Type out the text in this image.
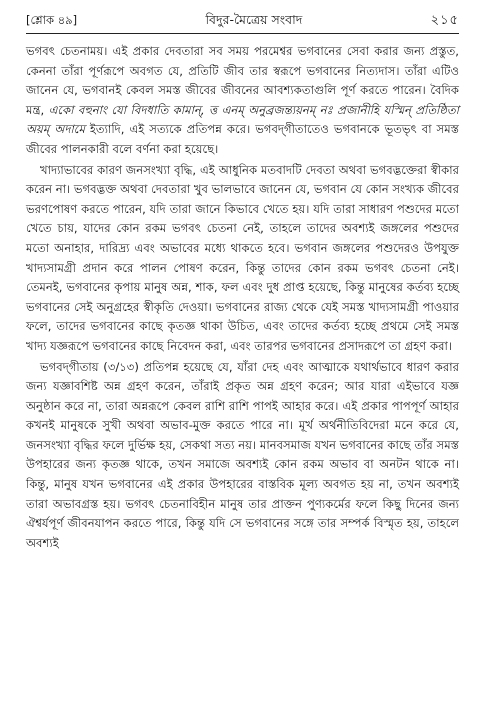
[শ্লোক ৪৯]	বিদুর-মৈত্রেয় সংবাদ	২১৫

ভগবৎ চেতনাময়। এই প্রকার দেবতারা সব সময় পরমেশ্বর ভগবানের সেবা করার জন্য প্রস্তুত, কেননা তাঁরা পূর্ণরূপে অবগত যে, প্রতিটি জীব তার স্বরূপে ভগবানের নিত্যদাস। তাঁরা এটিও জানেন যে, ভগবানই কেবল সমস্ত জীবের জীবনের আবশ্যকতাগুলি পূর্ণ করতে পারেন। বৈদিক মন্ত্র, একো বহুনাং যো বিদধাতি কামান্‌, ত্ত এনম্‌ অনুব্রজন্ত্যয়নম্‌ নঃ প্রজানীহি যস্মিন্‌ প্রতিষ্ঠিতা অয়ম্‌ অদামে ইত্যাদি, এই সত্যকে প্রতিপন্ন করে। ভগবদ্‌গীতাতেও ভগবানকে ভূতভৃৎ বা সমস্ত জীবের পালনকারী বলে বর্ণনা করা হয়েছে।

খাদ্যাভাবের কারণ জনসংখ্যা বৃদ্ধি, এই আধুনিক মতবাদটি দেবতা অথবা ভগবদ্ভক্তেরা স্বীকার করেন না। ভগবদ্ভক্ত অথবা দেবতারা খুব ভালভাবে জানেন যে, ভগবান যে কোন সংখ্যক জীবের ভরণপোষণ করতে পারেন, যদি তারা জানে কিভাবে খেতে হয়। যদি তারা সাধারণ পশুদের মতো খেতে চায়, যাদের কোন রকম ভগবৎ চেতনা নেই, তাহলে তাদের অবশ্যই জঙ্গলের পশুদের মতো অনাহার, দারিদ্র্য এবং অভাবের মধ্যে থাকতে হবে। ভগবান জঙ্গলের পশুদেরও উপযুক্ত খাদ্যসামগ্রী প্রদান করে পালন পোষণ করেন, কিন্তু তাদের কোন রকম ভগবৎ চেতনা নেই। তেমনই, ভগবানের কৃপায় মানুষ অন্ন, শাক, ফল এবং দুধ প্রাপ্ত হয়েছে, কিন্তু মানুষের কর্তব্য হচ্ছে ভগবানের সেই অনুগ্রহের স্বীকৃতি দেওয়া। ভগবানের রাজ্য থেকে যেই সমস্ত খাদ্যসামগ্রী পাওয়ার ফলে, তাদের ভগবানের কাছে কৃতজ্ঞ থাকা উচিত, এবং তাদের কর্তব্য হচ্ছে প্রথমে সেই সমস্ত খাদ্য যজ্ঞরূপে ভগবানের কাছে নিবেদন করা, এবং তারপর ভগবানের প্রসাদরূপে তা গ্রহণ করা।

ভগবদ্‌গীতায় (৩/১৩) প্রতিপন্ন হয়েছে যে, যাঁরা দেহ এবং আত্মাকে যথার্থভাবে ধারণ করার জন্য যজ্ঞাবশিষ্ট অন্ন গ্রহণ করেন, তাঁরাই প্রকৃত অন্ন গ্রহণ করেন; আর যারা এইভাবে যজ্ঞ অনুষ্ঠান করে না, তারা অন্নরূপে কেবল রাশি রাশি পাপই আহার করে। এই প্রকার পাপপূর্ণ আহার কখনই মানুষকে সুখী অথবা অভাব-মুক্ত করতে পারে না। মূর্খ অর্থনীতিবিদেরা মনে করে যে, জনসংখ্যা বৃদ্ধির ফলে দুর্ভিক্ষ হয়, সেকথা সত্য নয়। মানবসমাজ যখন ভগবানের কাছে তাঁর সমস্ত উপহারের জন্য কৃতজ্ঞ থাকে, তখন সমাজে অবশ্যই কোন রকম অভাব বা অনটন থাকে না। কিন্তু, মানুষ যখন ভগবানের এই প্রকার উপহারের বাস্তবিক মূল্য অবগত হয় না, তখন অবশ্যই তারা অভাবগ্রস্ত হয়। ভগবৎ চেতনাবিহীন মানুষ তার প্রাক্তন পুণ্যকর্মের ফলে কিছু দিনের জন্য ঐশ্বর্যপূর্ণ জীবনযাপন করতে পারে, কিন্তু যদি সে ভগবানের সঙ্গে তার সম্পর্ক বিস্মৃত হয়, তাহলে অবশ্যই
